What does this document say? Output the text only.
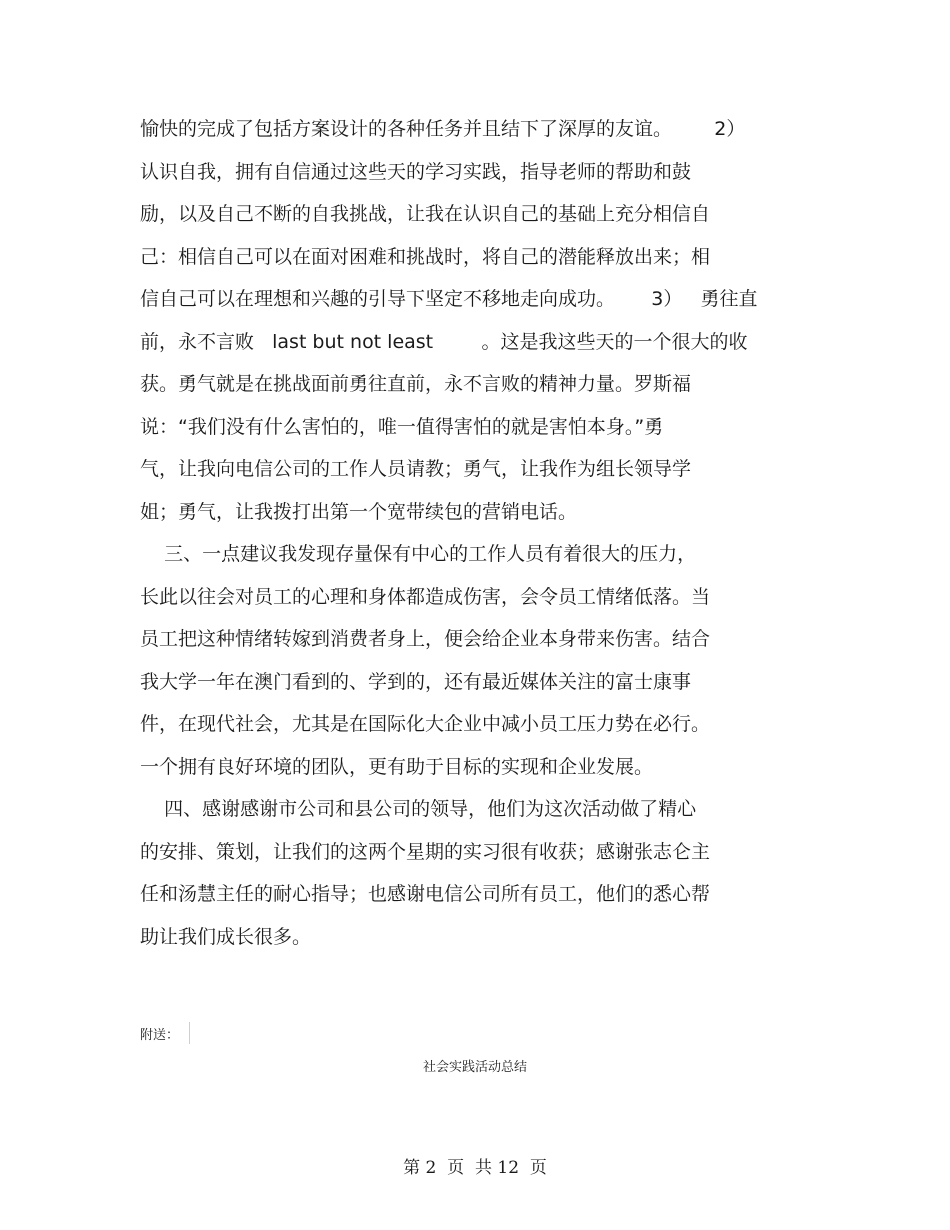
愉快的完成了包括方案设计的各种任务并且结下了深厚的友谊。       2）
认识自我，拥有自信通过这些天的学习实践，指导老师的帮助和鼓
励，以及自己不断的自我挑战，让我在认识自己的基础上充分相信自
己：相信自己可以在面对困难和挑战时，将自己的潜能释放出来；相
信自己可以在理想和兴趣的引导下坚定不移地走向成功。      3）   勇往直
前，永不言败   last but not least        。这是我这些天的一个很大的收
获。勇气就是在挑战面前勇往直前，永不言败的精神力量。罗斯福
说：“我们没有什么害怕的，唯一值得害怕的就是害怕本身。”勇
气，让我向电信公司的工作人员请教；勇气，让我作为组长领导学
姐；勇气，让我拨打出第一个宽带续包的营销电话。
三、一点建议我发现存量保有中心的工作人员有着很大的压力，
长此以往会对员工的心理和身体都造成伤害，会令员工情绪低落。当
员工把这种情绪转嫁到消费者身上，便会给企业本身带来伤害。结合
我大学一年在澳门看到的、学到的，还有最近媒体关注的富士康事
件，在现代社会，尤其是在国际化大企业中减小员工压力势在必行。
一个拥有良好环境的团队，更有助于目标的实现和企业发展。
四、感谢感谢市公司和县公司的领导，他们为这次活动做了精心
的安排、策划，让我们的这两个星期的实习很有收获；感谢张志仑主
任和汤慧主任的耐心指导；也感谢电信公司所有员工，他们的悉心帮
助让我们成长很多。
附送：
社会实践活动总结
第 2  页  共 12  页
